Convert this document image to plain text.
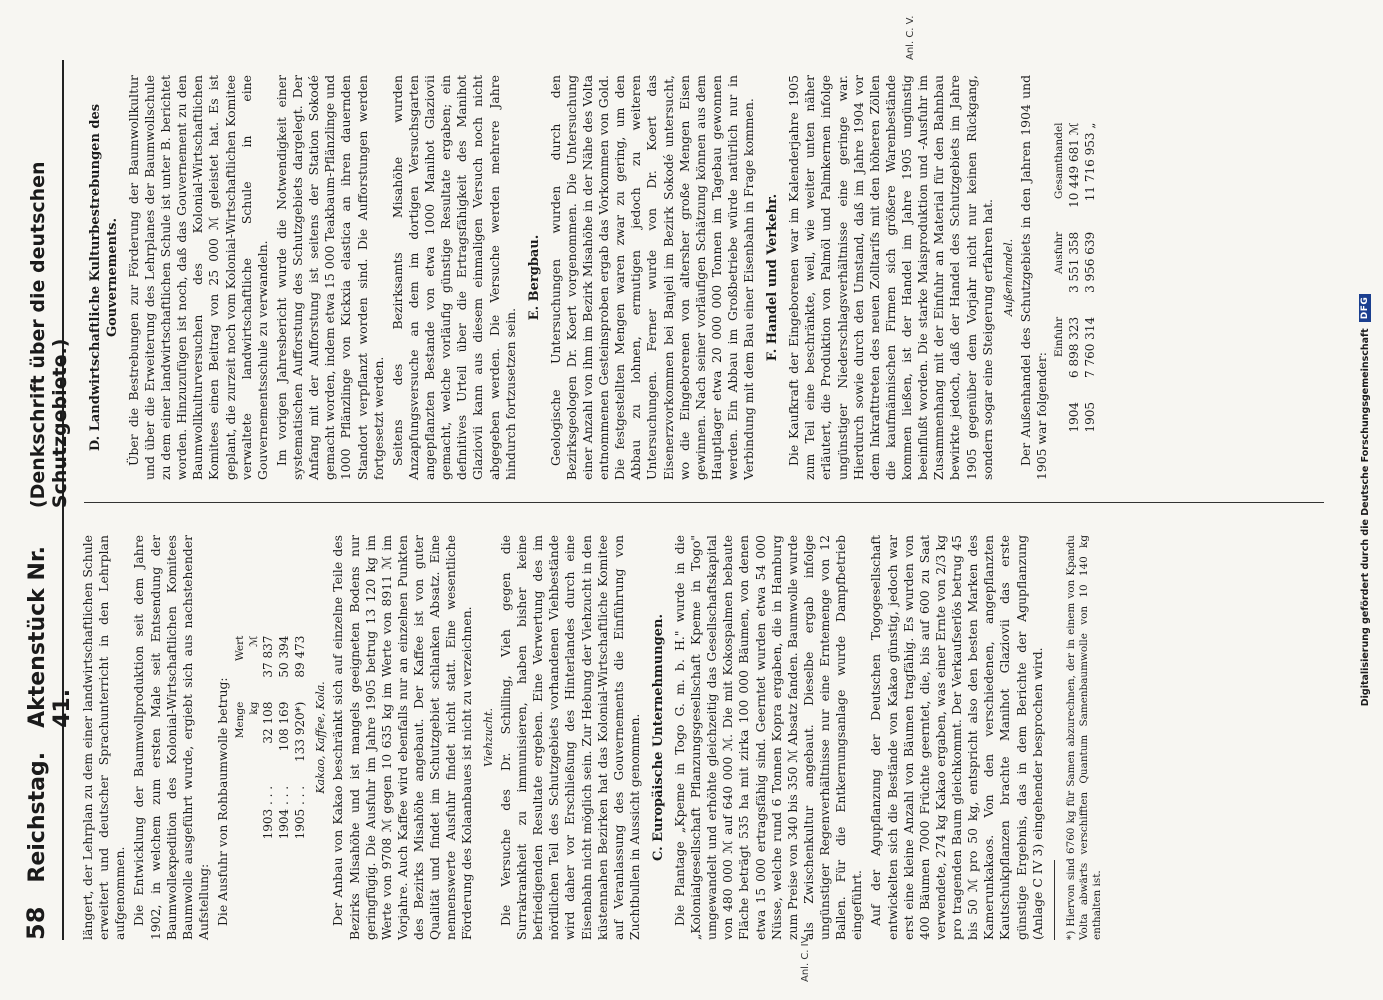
58
Reichstag.
Aktenstück Nr. 41.
(Denkschrift über die deutschen Schutzgebiete.)

längert, der Lehrplan zu dem einer landwirtschaftlichen Schule erweitert und deutscher Sprachunterricht in den Lehrplan aufgenommen. Die Entwicklung der Baumwollproduktion seit dem Jahre 1902, in welchem zum ersten Male seit Entsendung der Baumwollexpedition des Kolonial-Wirtschaftlichen Komitees Baumwolle ausgeführt wurde, ergiebt sich aus nachstehender Aufstellung: Die Ausfuhr von Rohbaumwolle betrug:

	Menge	Wert
	kg	ℳ
1903 . . .	32 108	37 837
1904 . . .	108 169	50 394
1905 . . .	133 920*)	89 473
Kakao, Kaffee, Kola. Der Anbau von Kakao beschränkt sich auf einzelne Teile des Bezirks Misahöhe und ist mangels geeigneten Bodens nur geringfügig. Die Ausfuhr im Jahre 1905 betrug 13 120 kg im Werte von 9708 ℳ gegen 10 635 kg im Werte von 8911 ℳ im Vorjahre. Auch Kaffee wird ebenfalls nur an einzelnen Punkten des Bezirks Misahöhe angebaut. Der Kaffee ist von guter Qualität und findet im Schutzgebiet schlanken Absatz. Eine nennenswerte Ausfuhr findet nicht statt. Eine wesentliche Förderung des Kolaanbaues ist nicht zu verzeichnen. Viehzucht. Die Versuche des Dr. Schilling, Vieh gegen die Surrakrankheit zu immunisieren, haben bisher keine befriedigenden Resultate ergeben. Eine Verwertung des im nördlichen Teil des Schutzgebiets vorhandenen Viehbestände wird daher vor Erschließung des Hinterlandes durch eine Eisenbahn nicht möglich sein. Zur Hebung der Viehzucht in den küstennahen Bezirken hat das Kolonial-Wirtschaftliche Komitee auf Veranlassung des Gouvernements die Einführung von Zuchtbullen in Aussicht genommen. C. Europäische Unternehmungen. Die Plantage „Kpeme in Togo G. m. b. H." wurde in die „Kolonialgesellschaft Pflanzungsgesellschaft Kpeme in Togo" umgewandelt und erhöhte gleichzeitig das Gesellschaftskapital von 480 000 ℳ auf 640 000 ℳ. Die mit Kokospalmen bebaute Fläche beträgt 535 ha mit zirka 100 000 Bäumen, von denen etwa 15 000 ertragsfähig sind. Geerntet wurden etwa 54 000 Nüsse, welche rund 6 Tonnen Kopra ergaben, die in Hamburg zum Preise von 340 bis 350 ℳ Absatz fanden. Baumwolle wurde als Zwischenkultur angebaut. Dieselbe ergab infolge ungünstiger Regenverhältnisse nur eine Erntemenge von 12 Ballen. Für die Entkernungsanlage wurde Dampfbetrieb eingeführt. Auf der Agupflanzung der Deutschen Togogesellschaft entwickelten sich die Bestände von Kakao günstig, jedoch war erst eine kleine Anzahl von Bäumen tragfähig. Es wurden von 400 Bäumen 7000 Früchte geerntet, die, bis auf 600 zu Saat verwendete, 274 kg Kakao ergaben, was einer Ernte von 2/3 kg pro tragenden Baum gleichkommt. Der Verkaufserlös betrug 45 bis 50 ℳ pro 50 kg, entspricht also den besten Marken des Kamerunkakaos. Von den verschiedenen, angepflanzten Kautschukpflanzen brachte Manihot Glaziovii das erste günstige Ergebnis, das in dem Berichte der Agupflanzung (Anlage C IV 3) eingehender besprochen wird. *) Hiervon sind 6760 kg für Samen abzurechnen, der in einem von Kpandu Volta abwärts verschifften Quantum Samenbaumwolle von 10 140 kg enthalten ist.

D. Landwirtschaftliche Kulturbestrebungen des Gouvernements. Über die Bestrebungen zur Förderung der Baumwollkultur und über die Erweiterung des Lehrplanes der Baumwollschule zu dem einer landwirtschaftlichen Schule ist unter B. berichtet worden. Hinzuzufügen ist noch, daß das Gouvernement zu den Baumwollkulturversuchen des Kolonial-Wirtschaftlichen Komitees einen Beitrag von 25 000 ℳ geleistet hat. Es ist geplant, die zurzeit noch vom Kolonial-Wirtschaftlichen Komitee verwaltete landwirtschaftliche Schule in eine Gouvernementsschule zu verwandeln. Im vorigen Jahresbericht wurde die Notwendigkeit einer systematischen Aufforstung des Schutzgebiets dargelegt. Der Anfang mit der Aufforstung ist seitens der Station Sokodé gemacht worden, indem etwa 15 000 Teakbaum-Pflänzlinge und 1000 Pflänzlinge von Kickxia elastica an ihren dauernden Standort verpflanzt worden sind. Die Aufforstungen werden fortgesetzt werden. Seitens des Bezirksamts Misahöhe wurden Anzapfungsversuche an dem im dortigen Versuchsgarten angepflanzten Bestande von etwa 1000 Manihot Glaziovii gemacht, welche vorläufig günstige Resultate ergaben; ein definitives Urteil über die Ertragsfähigkeit des Manihot Glaziovii kann aus diesem einmaligen Versuch noch nicht abgegeben werden. Die Versuche werden mehrere Jahre hindurch fortzusetzen sein.

E. Bergbau. Geologische Untersuchungen wurden durch den Bezirksgeologen Dr. Koert vorgenommen. Die Untersuchung einer Anzahl von ihm im Bezirk Misahöhe in der Nähe des Volta entnommenen Gesteinsproben ergab das Vorkommen von Gold. Die festgestellten Mengen waren zwar zu gering, um den Abbau zu lohnen, ermutigen jedoch zu weiteren Untersuchungen. Ferner wurde von Dr. Koert das Eisenerzvorkommen bei Banjeli im Bezirk Sokodé untersucht, wo die Eingeborenen von altersher große Mengen Eisen gewinnen. Nach seiner vorläufigen Schätzung können aus dem Hauptlager etwa 20 000 000 Tonnen im Tagebau gewonnen werden. Ein Abbau im Großbetriebe würde natürlich nur in Verbindung mit dem Bau einer Eisenbahn in Frage kommen. F. Handel und Verkehr. Die Kaufkraft der Eingeborenen war im Kalenderjahre 1905 zum Teil eine beschränkte, weil, wie weiter unten näher erläutert, die Produktion von Palmöl und Palmkernen infolge ungünstiger Niederschlagsverhältnisse eine geringe war. Hierdurch sowie durch den Umstand, daß im Jahre 1904 vor dem Inkrafttreten des neuen Zolltarifs mit den höheren Zöllen die kaufmännischen Firmen sich größere Warenbestände kommen ließen, ist der Handel im Jahre 1905 ungünstig beeinflußt worden. Die starke Maisproduktion und -Ausfuhr im Zusammenhang mit der Einfuhr an Material für den Bahnbau bewirkte jedoch, daß der Handel des Schutzgebiets im Jahre 1905 gegenüber dem Vorjahr nicht nur keinen Rückgang, sondern sogar eine Steigerung erfahren hat. Außenhandel. Der Außenhandel des Schutzgebiets in den Jahren 1904 und 1905 war folgender:

	Einfuhr	Ausfuhr	Gesamthandel
1904	6 898 323	3 551 358	10 449 681 ℳ
1905	7 760 314	3 956 639	11 716 953 „
Anl. C. IV.
Anl. C. V.
Digitalisierung gefördert durch die Deutsche Forschungsgemeinschaft
DFG
